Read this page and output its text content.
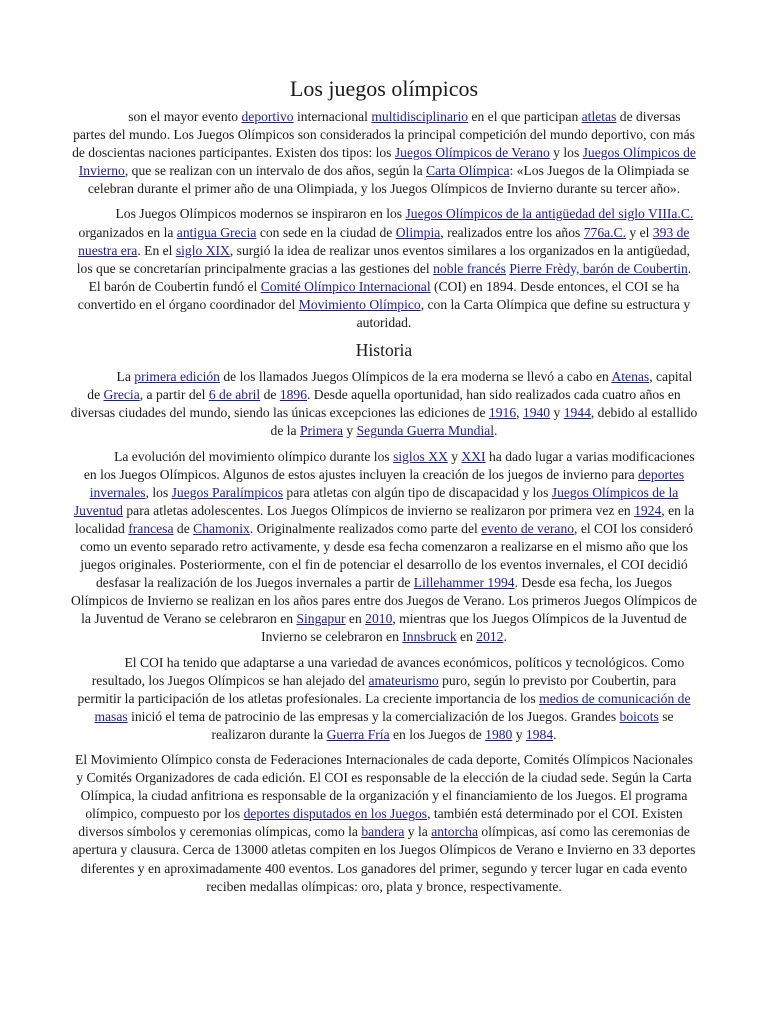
Los juegos olímpicos

son el mayor evento deportivo internacional multidisciplinario en el que participan atletas de diversas partes del mundo. Los Juegos Olímpicos son considerados la principal competición del mundo deportivo, con más de doscientas naciones participantes. Existen dos tipos: los Juegos Olímpicos de Verano y los Juegos Olímpicos de Invierno, que se realizan con un intervalo de dos años, según la Carta Olímpica: «Los Juegos de la Olimpiada se celebran durante el primer año de una Olimpiada, y los Juegos Olímpicos de Invierno durante su tercer año».

Los Juegos Olímpicos modernos se inspiraron en los Juegos Olímpicos de la antigüedad del siglo VIIIa.C. organizados en la antigua Grecia con sede en la ciudad de Olimpia, realizados entre los años 776a.C. y el 393 de nuestra era. En el siglo XIX, surgió la idea de realizar unos eventos similares a los organizados en la antigüedad, los que se concretarían principalmente gracias a las gestiones del noble francés Pierre Frèdy, barón de Coubertin. El barón de Coubertin fundó el Comité Olímpico Internacional (COI) en 1894. Desde entonces, el COI se ha convertido en el órgano coordinador del Movimiento Olímpico, con la Carta Olímpica que define su estructura y autoridad.

Historia

La primera edición de los llamados Juegos Olímpicos de la era moderna se llevó a cabo en Atenas, capital de Grecia, a partir del 6 de abril de 1896. Desde aquella oportunidad, han sido realizados cada cuatro años en diversas ciudades del mundo, siendo las únicas excepciones las ediciones de 1916, 1940 y 1944, debido al estallido de la Primera y Segunda Guerra Mundial.

La evolución del movimiento olímpico durante los siglos XX y XXI ha dado lugar a varias modificaciones en los Juegos Olímpicos. Algunos de estos ajustes incluyen la creación de los juegos de invierno para deportes invernales, los Juegos Paralímpicos para atletas con algún tipo de discapacidad y los Juegos Olímpicos de la Juventud para atletas adolescentes. Los Juegos Olímpicos de invierno se realizaron por primera vez en 1924, en la localidad francesa de Chamonix. Originalmente realizados como parte del evento de verano, el COI los consideró como un evento separado retro activamente, y desde esa fecha comenzaron a realizarse en el mismo año que los juegos originales. Posteriormente, con el fin de potenciar el desarrollo de los eventos invernales, el COI decidió desfasar la realización de los Juegos invernales a partir de Lillehammer 1994. Desde esa fecha, los Juegos Olímpicos de Invierno se realizan en los años pares entre dos Juegos de Verano. Los primeros Juegos Olímpicos de la Juventud de Verano se celebraron en Singapur en 2010, mientras que los Juegos Olímpicos de la Juventud de Invierno se celebraron en Innsbruck en 2012.

El COI ha tenido que adaptarse a una variedad de avances económicos, políticos y tecnológicos. Como resultado, los Juegos Olímpicos se han alejado del amateurismo puro, según lo previsto por Coubertin, para permitir la participación de los atletas profesionales. La creciente importancia de los medios de comunicación de masas inició el tema de patrocinio de las empresas y la comercialización de los Juegos. Grandes boicots se realizaron durante la Guerra Fría en los Juegos de 1980 y 1984.

El Movimiento Olímpico consta de Federaciones Internacionales de cada deporte, Comités Olímpicos Nacionales y Comités Organizadores de cada edición. El COI es responsable de la elección de la ciudad sede. Según la Carta Olímpica, la ciudad anfitriona es responsable de la organización y el financiamiento de los Juegos. El programa olímpico, compuesto por los deportes disputados en los Juegos, también está determinado por el COI. Existen diversos símbolos y ceremonias olímpicas, como la bandera y la antorcha olímpicas, así como las ceremonias de apertura y clausura. Cerca de 13000 atletas compiten en los Juegos Olímpicos de Verano e Invierno en 33 deportes diferentes y en aproximadamente 400 eventos. Los ganadores del primer, segundo y tercer lugar en cada evento reciben medallas olímpicas: oro, plata y bronce, respectivamente.
